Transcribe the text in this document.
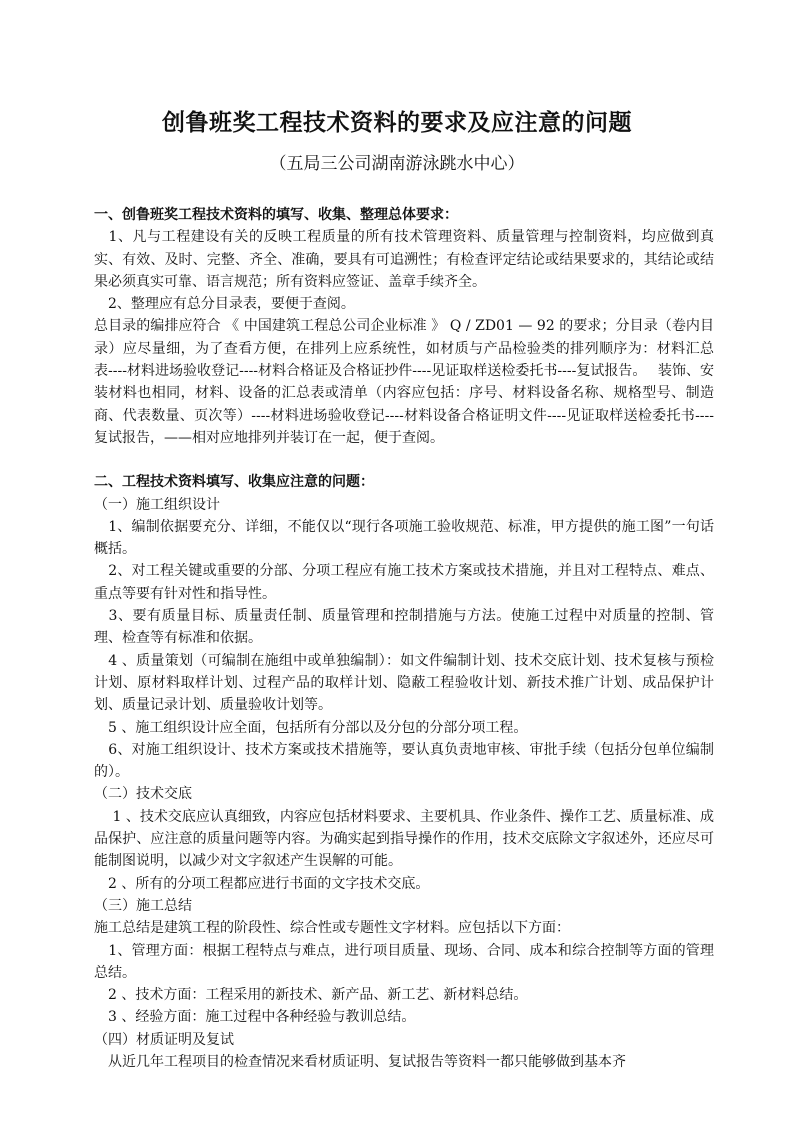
创鲁班奖工程技术资料的要求及应注意的问题
（五局三公司湖南游泳跳水中心）
一、创鲁班奖工程技术资料的填写、收集、整理总体要求：
　1、凡与工程建设有关的反映工程质量的所有技术管理资料、质量管理与控制资料，均应做到真实、有效、及时、完整、齐全、准确，要具有可追溯性；有检查评定结论或结果要求的，其结论或结果必须真实可靠、语言规范；所有资料应签证、盖章手续齐全。
　2、整理应有总分目录表，要便于查阅。
总目录的编排应符合 《 中国建筑工程总公司企业标准 》 Q / ZD01 — 92 的要求；分目录（卷内目录）应尽量细，为了查看方便，在排列上应系统性，如材质与产品检验类的排列顺序为：材料汇总表----材料进场验收登记----材料合格证及合格证抄件----见证取样送检委托书----复试报告。　 装饰、安装材料也相同，材料、设备的汇总表或清单（内容应包括：序号、材料设备名称、规格型号、制造商、代表数量、页次等）----材料进场验收登记----材料设备合格证明文件----见证取样送检委托书----复试报告，——相对应地排列并装订在一起，便于查阅。
二、工程技术资料填写、收集应注意的问题：
（一）施工组织设计
　1、编制依据要充分、详细，不能仅以“现行各项施工验收规范、标准，甲方提供的施工图”一句话概括。
　2、对工程关键或重要的分部、分项工程应有施工技术方案或技术措施，并且对工程特点、难点、重点等要有针对性和指导性。
　3、要有质量目标、质量责任制、质量管理和控制措施与方法。使施工过程中对质量的控制、管理、检查等有标准和依据。
　4 、质量策划（可编制在施组中或单独编制）：如文件编制计划、技术交底计划、技术复核与预检计划、原材料取样计划、过程产品的取样计划、隐蔽工程验收计划、新技术推广计划、成品保护计划、质量记录计划、质量验收计划等。
　5 、施工组织设计应全面，包括所有分部以及分包的分部分项工程。
　6、对施工组织设计、技术方案或技术措施等，要认真负责地审核、审批手续（包括分包单位编制的）。
（二）技术交底
　 1 、技术交底应认真细致，内容应包括材料要求、主要机具、作业条件、操作工艺、质量标准、成品保护、应注意的质量问题等内容。为确实起到指导操作的作用，技术交底除文字叙述外，还应尽可能制图说明，以减少对文字叙述产生误解的可能。
　2 、所有的分项工程都应进行书面的文字技术交底。
（三）施工总结
施工总结是建筑工程的阶段性、综合性或专题性文字材料。应包括以下方面：
　1、管理方面：根据工程特点与难点，进行项目质量、现场、合同、成本和综合控制等方面的管理总结。
　2 、技术方面：工程采用的新技术、新产品、新工艺、新材料总结。
　3 、经验方面：施工过程中各种经验与教训总结。
（四）材质证明及复试
　从近几年工程项目的检查情况来看材质证明、复试报告等资料一都只能够做到基本齐
